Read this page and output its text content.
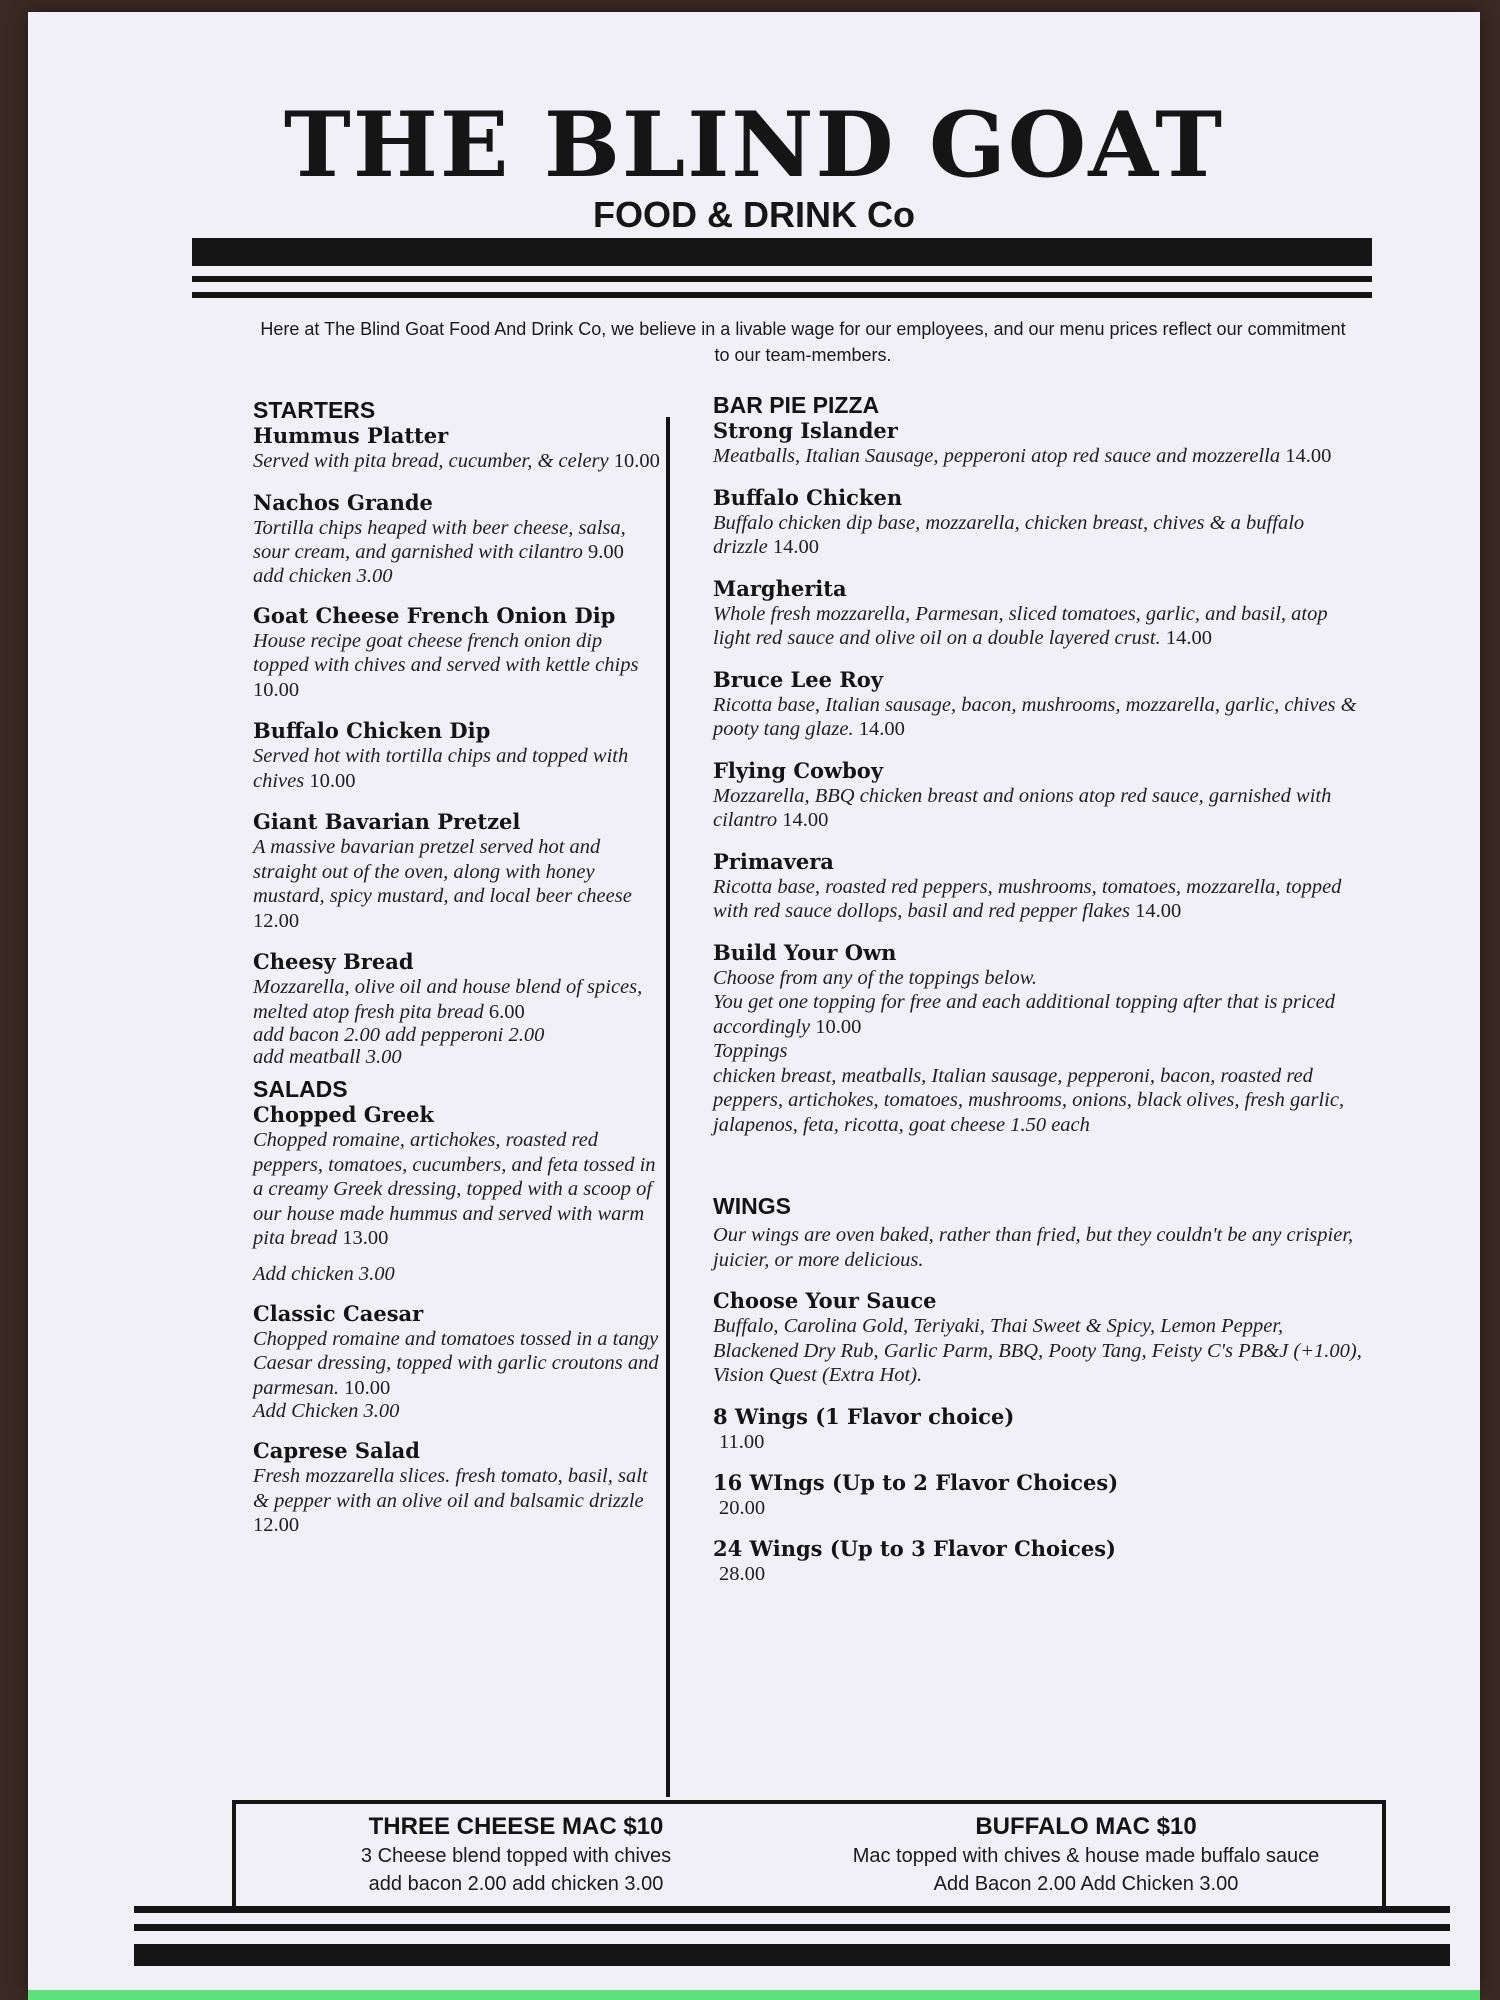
THE BLIND GOAT

FOOD & DRINK Co

Here at The Blind Goat Food And Drink Co, we believe in a livable wage for our employees, and our menu prices reflect our commitment to our team-members.

STARTERS

Hummus Platter

Served with pita bread, cucumber, & celery 10.00

Nachos Grande

Tortilla chips heaped with beer cheese, salsa, sour cream, and garnished with cilantro 9.00

add chicken 3.00

Goat Cheese French Onion Dip

House recipe goat cheese french onion dip topped with chives and served with kettle chips 10.00

Buffalo Chicken Dip

Served hot with tortilla chips and topped with chives 10.00

Giant Bavarian Pretzel

A massive bavarian pretzel served hot and straight out of the oven, along with honey mustard, spicy mustard, and local beer cheese 12.00

Cheesy Bread

Mozzarella, olive oil and house blend of spices, melted atop fresh pita bread 6.00

add bacon 2.00 add pepperoni 2.00

add meatball 3.00

SALADS

Chopped Greek

Chopped romaine, artichokes, roasted red peppers, tomatoes, cucumbers, and feta tossed in a creamy Greek dressing, topped with a scoop of our house made hummus and served with warm pita bread 13.00

Add chicken 3.00

Classic Caesar

Chopped romaine and tomatoes tossed in a tangy Caesar dressing, topped with garlic croutons and parmesan. 10.00

Add Chicken 3.00

Caprese Salad

Fresh mozzarella slices. fresh tomato, basil, salt & pepper with an olive oil and balsamic drizzle 12.00

BAR PIE PIZZA

Strong Islander

Meatballs, Italian Sausage, pepperoni atop red sauce and mozzerella 14.00

Buffalo Chicken

Buffalo chicken dip base, mozzarella, chicken breast, chives & a buffalo drizzle 14.00

Margherita

Whole fresh mozzarella, Parmesan, sliced tomatoes, garlic, and basil, atop light red sauce and olive oil on a double layered crust. 14.00

Bruce Lee Roy

Ricotta base, Italian sausage, bacon, mushrooms, mozzarella, garlic, chives & pooty tang glaze. 14.00

Flying Cowboy

Mozzarella, BBQ chicken breast and onions atop red sauce, garnished with cilantro 14.00

Primavera

Ricotta base, roasted red peppers, mushrooms, tomatoes, mozzarella, topped with red sauce dollops, basil and red pepper flakes 14.00

Build Your Own

Choose from any of the toppings below.

You get one topping for free and each additional topping after that is priced accordingly 10.00

Toppings

chicken breast, meatballs, Italian sausage, pepperoni, bacon, roasted red peppers, artichokes, tomatoes, mushrooms, onions, black olives, fresh garlic, jalapenos, feta, ricotta, goat cheese 1.50 each

WINGS

Our wings are oven baked, rather than fried, but they couldn't be any crispier, juicier, or more delicious.

Choose Your Sauce

Buffalo, Carolina Gold, Teriyaki, Thai Sweet & Spicy, Lemon Pepper, Blackened Dry Rub, Garlic Parm, BBQ, Pooty Tang, Feisty C's PB&J (+1.00), Vision Quest (Extra Hot).

8 Wings (1 Flavor choice)

11.00

16 WIngs (Up to 2 Flavor Choices)

20.00

24 Wings (Up to 3 Flavor Choices)

28.00

THREE CHEESE MAC $10

3 Cheese blend topped with chives

add bacon 2.00 add chicken 3.00

BUFFALO MAC $10

Mac topped with chives & house made buffalo sauce

Add Bacon 2.00 Add Chicken 3.00
